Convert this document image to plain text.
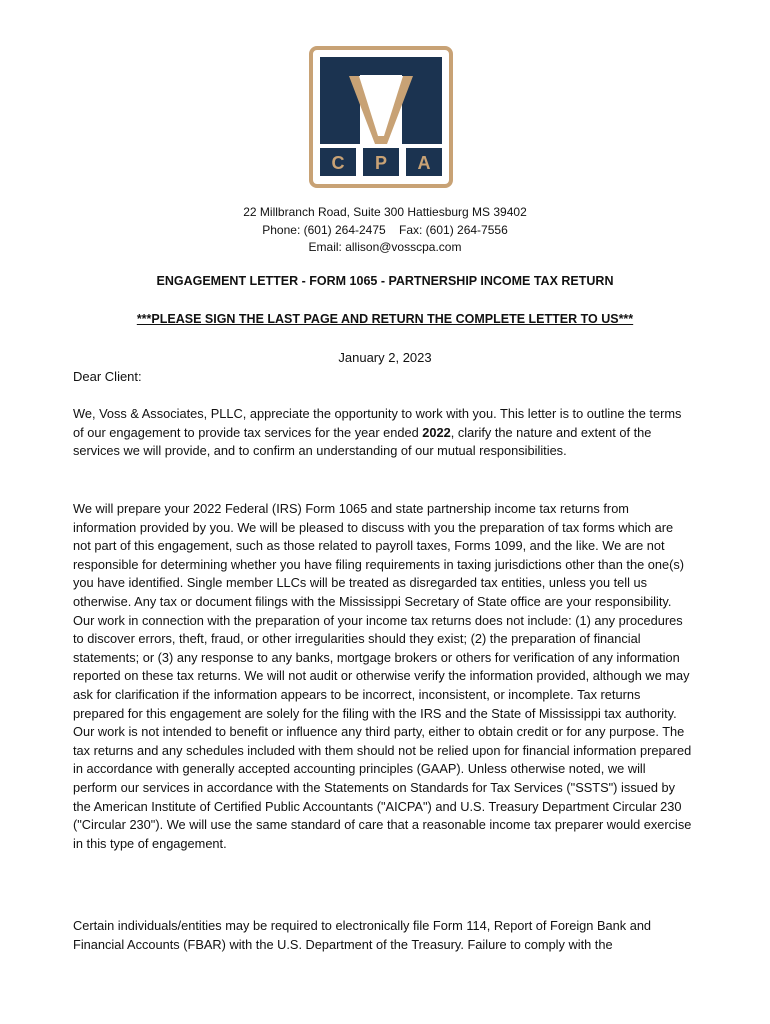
C P A
22 Millbranch Road, Suite 300 Hattiesburg MS 39402
Phone: (601) 264-2475    Fax: (601) 264-7556
Email: allison@vosscpa.com
ENGAGEMENT LETTER - FORM 1065 - PARTNERSHIP INCOME TAX RETURN
***PLEASE SIGN THE LAST PAGE AND RETURN THE COMPLETE LETTER TO US***
January 2, 2023
Dear Client:
We, Voss & Associates, PLLC, appreciate the opportunity to work with you. This letter is to outline the terms of our engagement to provide tax services for the year ended 2022, clarify the nature and extent of the services we will provide, and to confirm an understanding of our mutual responsibilities.
We will prepare your 2022 Federal (IRS) Form 1065 and state partnership income tax returns from information provided by you. We will be pleased to discuss with you the preparation of tax forms which are not part of this engagement, such as those related to payroll taxes, Forms 1099, and the like. We are not responsible for determining whether you have filing requirements in taxing jurisdictions other than the one(s) you have identified. Single member LLCs will be treated as disregarded tax entities, unless you tell us otherwise. Any tax or document filings with the Mississippi Secretary of State office are your responsibility. Our work in connection with the preparation of your income tax returns does not include: (1) any procedures to discover errors, theft, fraud, or other irregularities should they exist; (2) the preparation of financial statements; or (3) any response to any banks, mortgage brokers or others for verification of any information reported on these tax returns. We will not audit or otherwise verify the information provided, although we may ask for clarification if the information appears to be incorrect, inconsistent, or incomplete. Tax returns prepared for this engagement are solely for the filing with the IRS and the State of Mississippi tax authority. Our work is not intended to benefit or influence any third party, either to obtain credit or for any purpose. The tax returns and any schedules included with them should not be relied upon for financial information prepared in accordance with generally accepted accounting principles (GAAP). Unless otherwise noted, we will perform our services in accordance with the Statements on Standards for Tax Services ("SSTS") issued by the American Institute of Certified Public Accountants ("AICPA") and U.S. Treasury Department Circular 230 ("Circular 230"). We will use the same standard of care that a reasonable income tax preparer would exercise in this type of engagement.
Certain individuals/entities may be required to electronically file Form 114, Report of Foreign Bank and Financial Accounts (FBAR) with the U.S. Department of the Treasury. Failure to comply with the
